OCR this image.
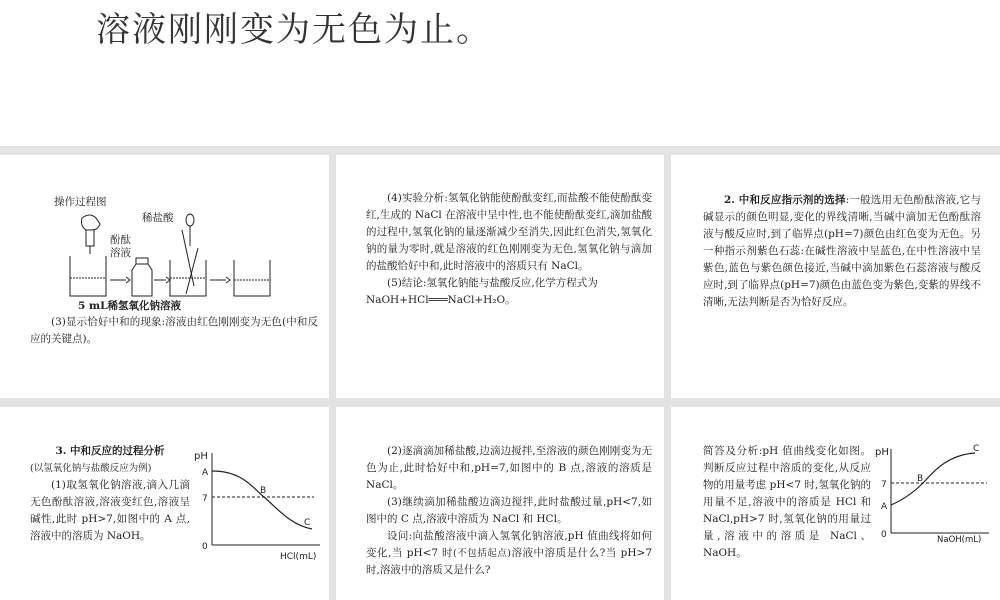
溶液刚刚变为无色为止。
操作过程图
稀盐酸
酚酞
溶液
5 mL稀氢氧化钠溶液

(3)显示恰好中和的现象:溶液由红色刚刚变为无色(中和反应的关键点)。

(4)实验分析:氢氧化钠能使酚酞变红,而盐酸不能使酚酞变红,生成的 NaCl 在溶液中呈中性,也不能使酚酞变红,滴加盐酸的过程中,氢氧化钠的量逐渐减少至消失,因此红色消失,氢氧化钠的量为零时,就是溶液的红色刚刚变为无色,氢氧化钠与滴加的盐酸恰好中和,此时溶液中的溶质只有 NaCl。

(5)结论:氢氧化钠能与盐酸反应,化学方程式为

NaOH+HCl═══NaCl+H₂O。

2. 中和反应指示剂的选择:一般选用无色酚酞溶液,它与碱显示的颜色明显,变化的界线清晰,当碱中滴加无色酚酞溶液与酸反应时,到了临界点(pH=7)颜色由红色变为无色。另一种指示剂紫色石蕊:在碱性溶液中呈蓝色,在中性溶液中呈紫色,蓝色与紫色颜色接近,当碱中滴加紫色石蕊溶液与酸反应时,到了临界点(pH=7)颜色由蓝色变为紫色,变紫的界线不清晰,无法判断是否为恰好反应。

3. 中和反应的过程分析

(以氢氧化钠与盐酸反应为例)

(1)取氢氧化钠溶液,滴入几滴无色酚酞溶液,溶液变红色,溶液呈碱性,此时 pH>7,如图中的 A 点,溶液中的溶质为 NaOH。

pH
A
7
0
B
C
HCl(mL)

(2)逐滴滴加稀盐酸,边滴边搅拌,至溶液的颜色刚刚变为无色为止,此时恰好中和,pH=7,如图中的 B 点,溶液的溶质是 NaCl。

(3)继续滴加稀盐酸边滴边搅拌,此时盐酸过量,pH<7,如图中的 C 点,溶液中溶质为 NaCl 和 HCl。

设问:向盐酸溶液中滴入氢氧化钠溶液,pH 值曲线将如何变化,当 pH<7 时(不包括起点)溶液中溶质是什么?当 pH>7 时,溶液中的溶质又是什么?

简答及分析:pH 值曲线变化如图。判断反应过程中溶质的变化,从反应物的用量考虑 pH<7 时,氢氧化钠的用量不足,溶液中的溶质是 HCl 和 NaCl,pH>7 时,氢氧化钠的用量过量,溶液中的溶质是 NaCl、NaOH。

pH
7
A
0
B
C
NaOH(mL)
